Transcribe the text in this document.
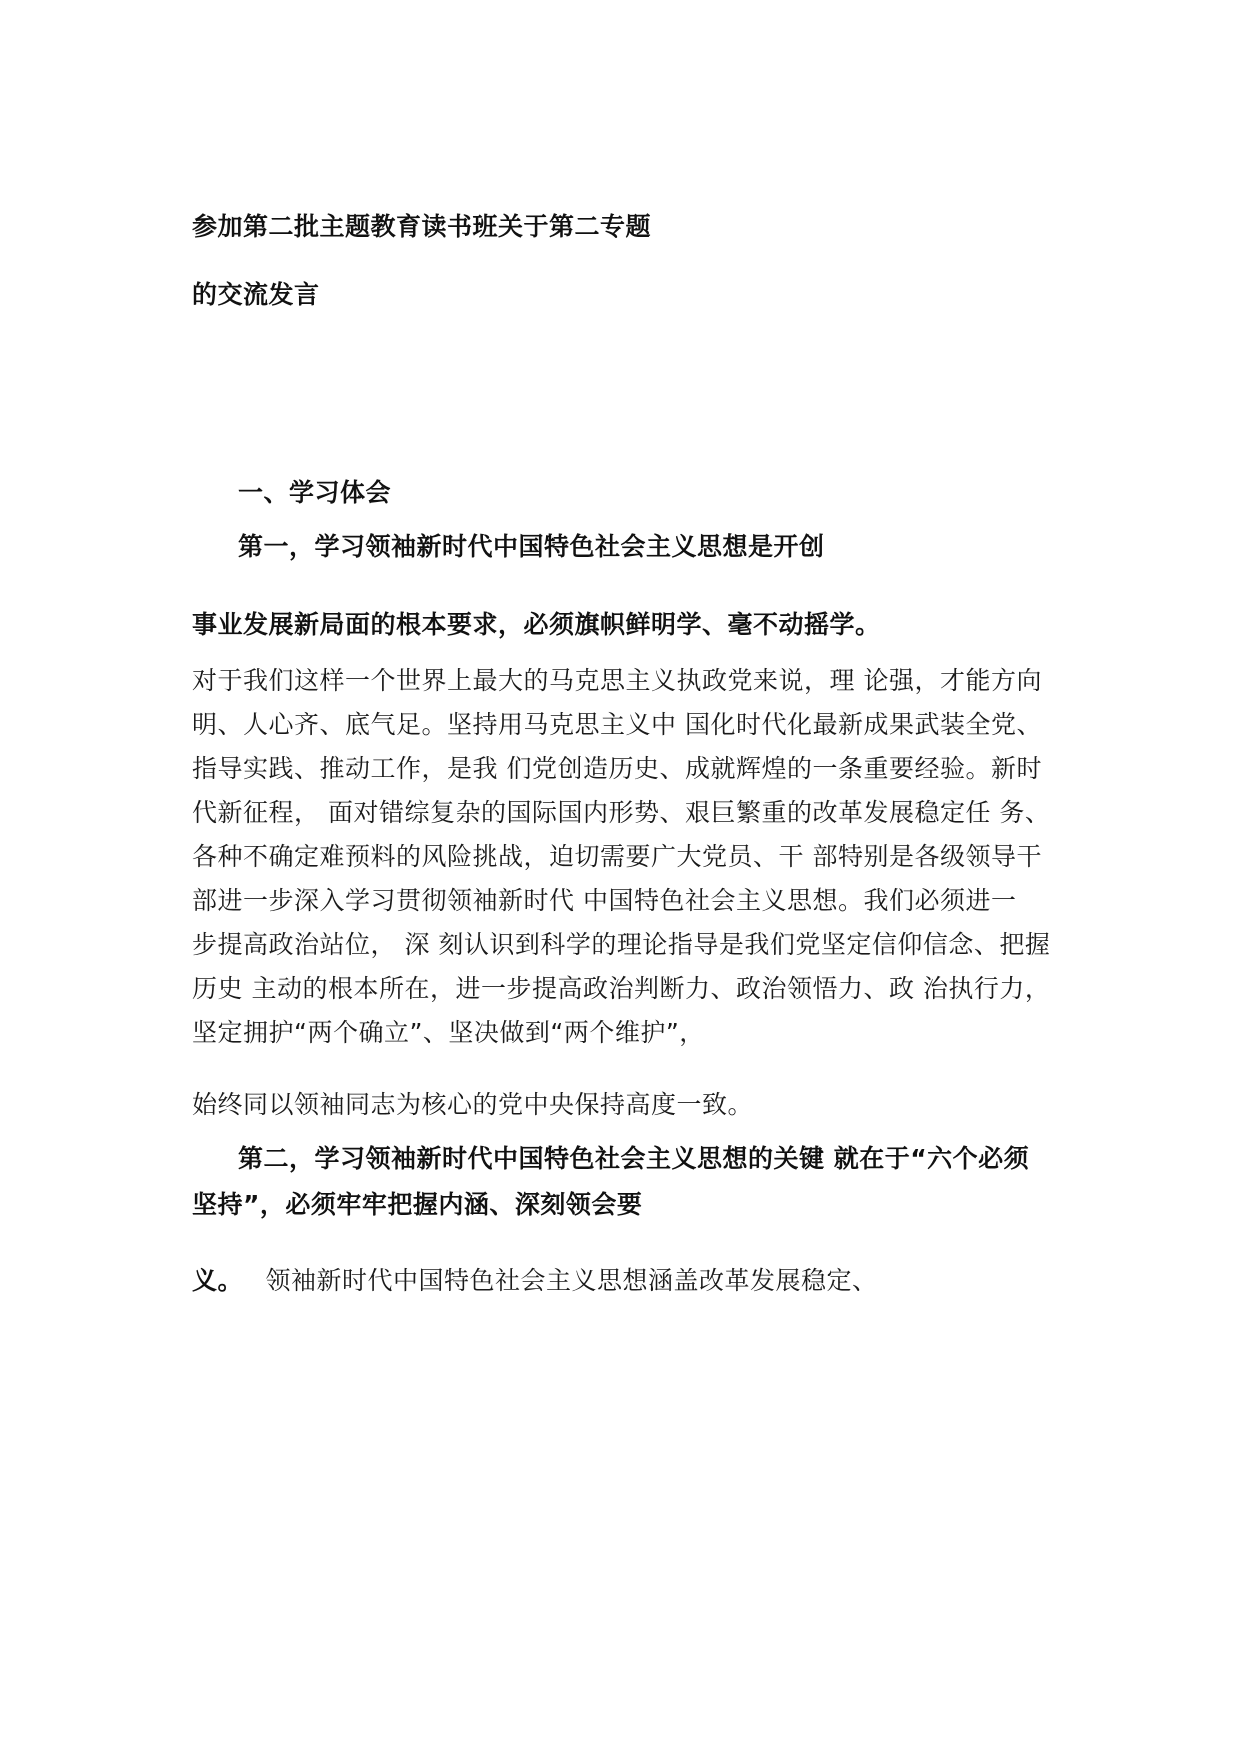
参加第二批主题教育读书班关于第二专题
的交流发言
一、学习体会
第一，学习领袖新时代中国特色社会主义思想是开创
事业发展新局面的根本要求，必须旗帜鲜明学、毫不动摇学。
对于我们这样一个世界上最大的马克思主义执政党来说，理 论强，才能方向
明、人心齐、底气足。坚持用马克思主义中 国化时代化最新成果武装全党、
指导实践、推动工作，是我 们党创造历史、成就辉煌的一条重要经验。新时
代新征程， 面对错综复杂的国际国内形势、艰巨繁重的改革发展稳定任 务、
各种不确定难预料的风险挑战，迫切需要广大党员、干 部特别是各级领导干
部进一步深入学习贯彻领袖新时代 中国特色社会主义思想。我们必须进一
步提高政治站位， 深 刻认识到科学的理论指导是我们党坚定信仰信念、把握
历史 主动的根本所在，进一步提高政治判断力、政治领悟力、政 治执行力，
坚定拥护“两个确立”、坚决做到“两个维护”，
始终同以领袖同志为核心的党中央保持高度一致。
第二，学习领袖新时代中国特色社会主义思想的关键 就在于“六个必须
坚持”，必须牢牢把握内涵、深刻领会要
义。 领袖新时代中国特色社会主义思想涵盖改革发展稳定、
